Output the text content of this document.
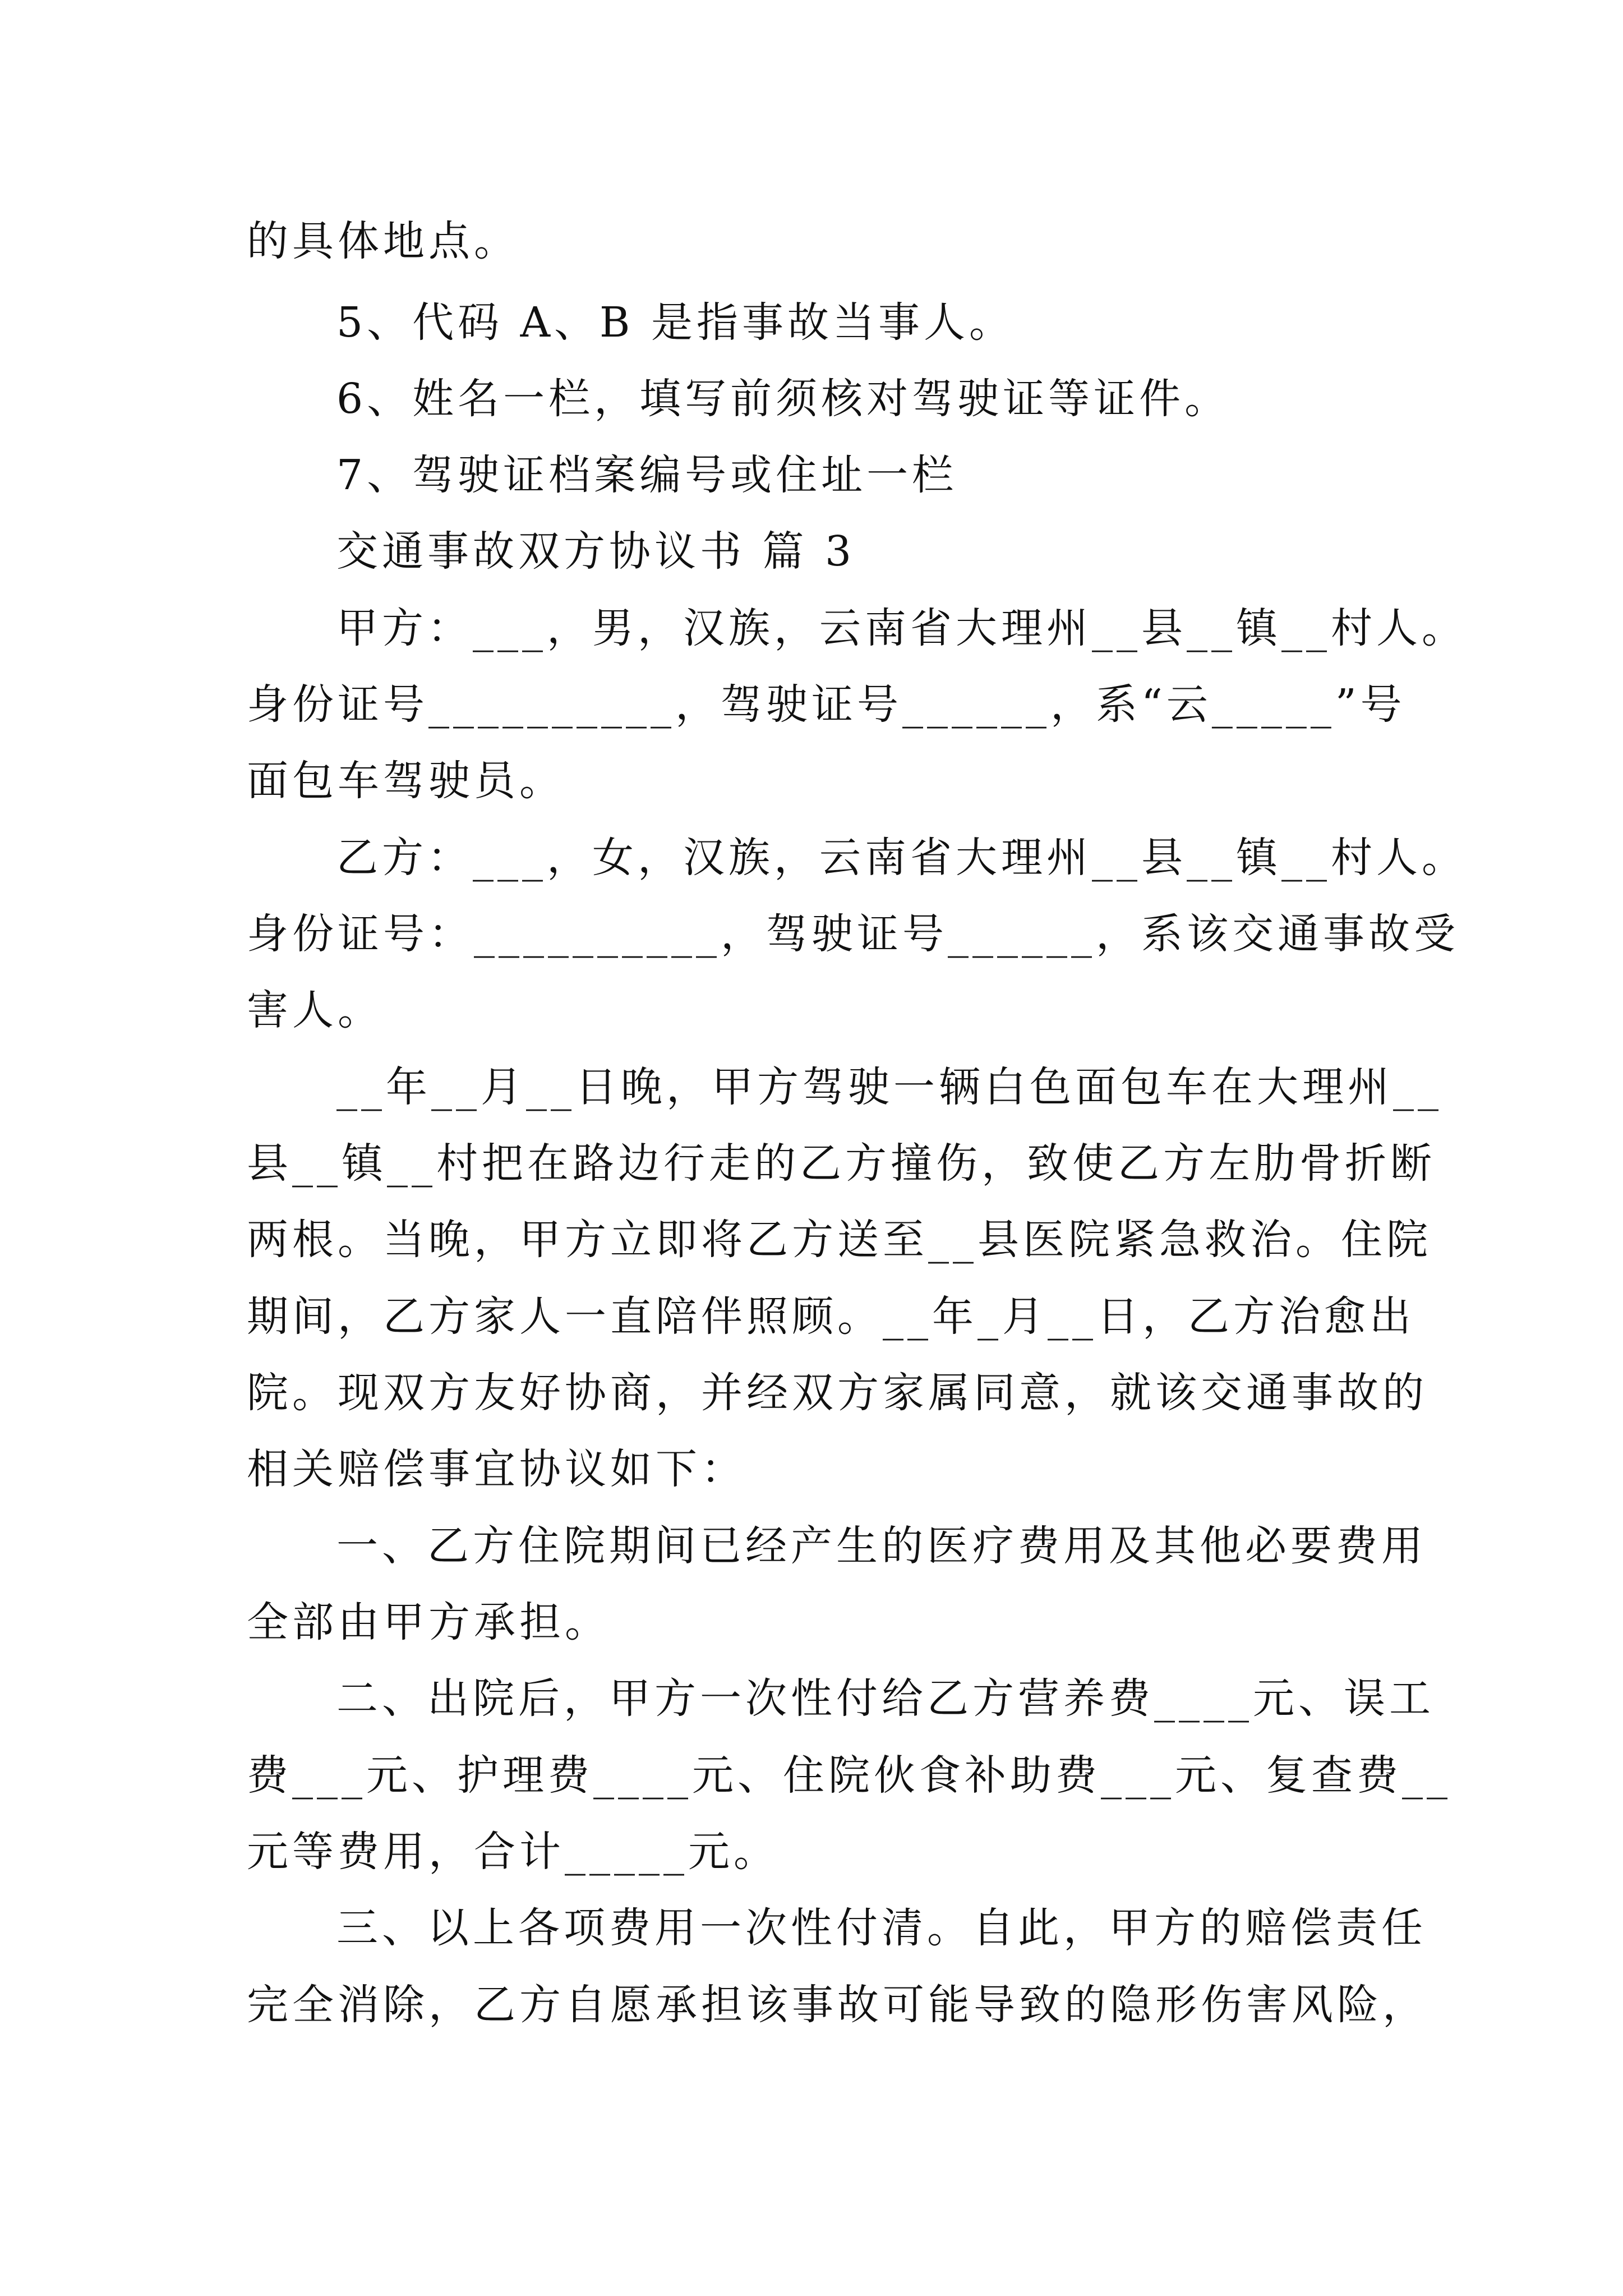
的具体地点。
5、代码 A、B 是指事故当事人。
6、姓名一栏，填写前须核对驾驶证等证件。
7、驾驶证档案编号或住址一栏
交通事故双方协议书 篇 3
甲方：___，男，汉族，云南省大理州__县__镇__村人。
身份证号__________，驾驶证号______，系“云_____”号
面包车驾驶员。
乙方：___，女，汉族，云南省大理州__县__镇__村人。
身份证号：__________，驾驶证号______，系该交通事故受
害人。
__年__月__日晚，甲方驾驶一辆白色面包车在大理州__
县__镇__村把在路边行走的乙方撞伤，致使乙方左肋骨折断
两根。当晚，甲方立即将乙方送至__县医院紧急救治。住院
期间，乙方家人一直陪伴照顾。__年_月__日，乙方治愈出
院。现双方友好协商，并经双方家属同意，就该交通事故的
相关赔偿事宜协议如下：
一、乙方住院期间已经产生的医疗费用及其他必要费用
全部由甲方承担。
二、出院后，甲方一次性付给乙方营养费____元、误工
费___元、护理费____元、住院伙食补助费___元、复查费__
元等费用，合计_____元。
三、以上各项费用一次性付清。自此，甲方的赔偿责任
完全消除，乙方自愿承担该事故可能导致的隐形伤害风险，
